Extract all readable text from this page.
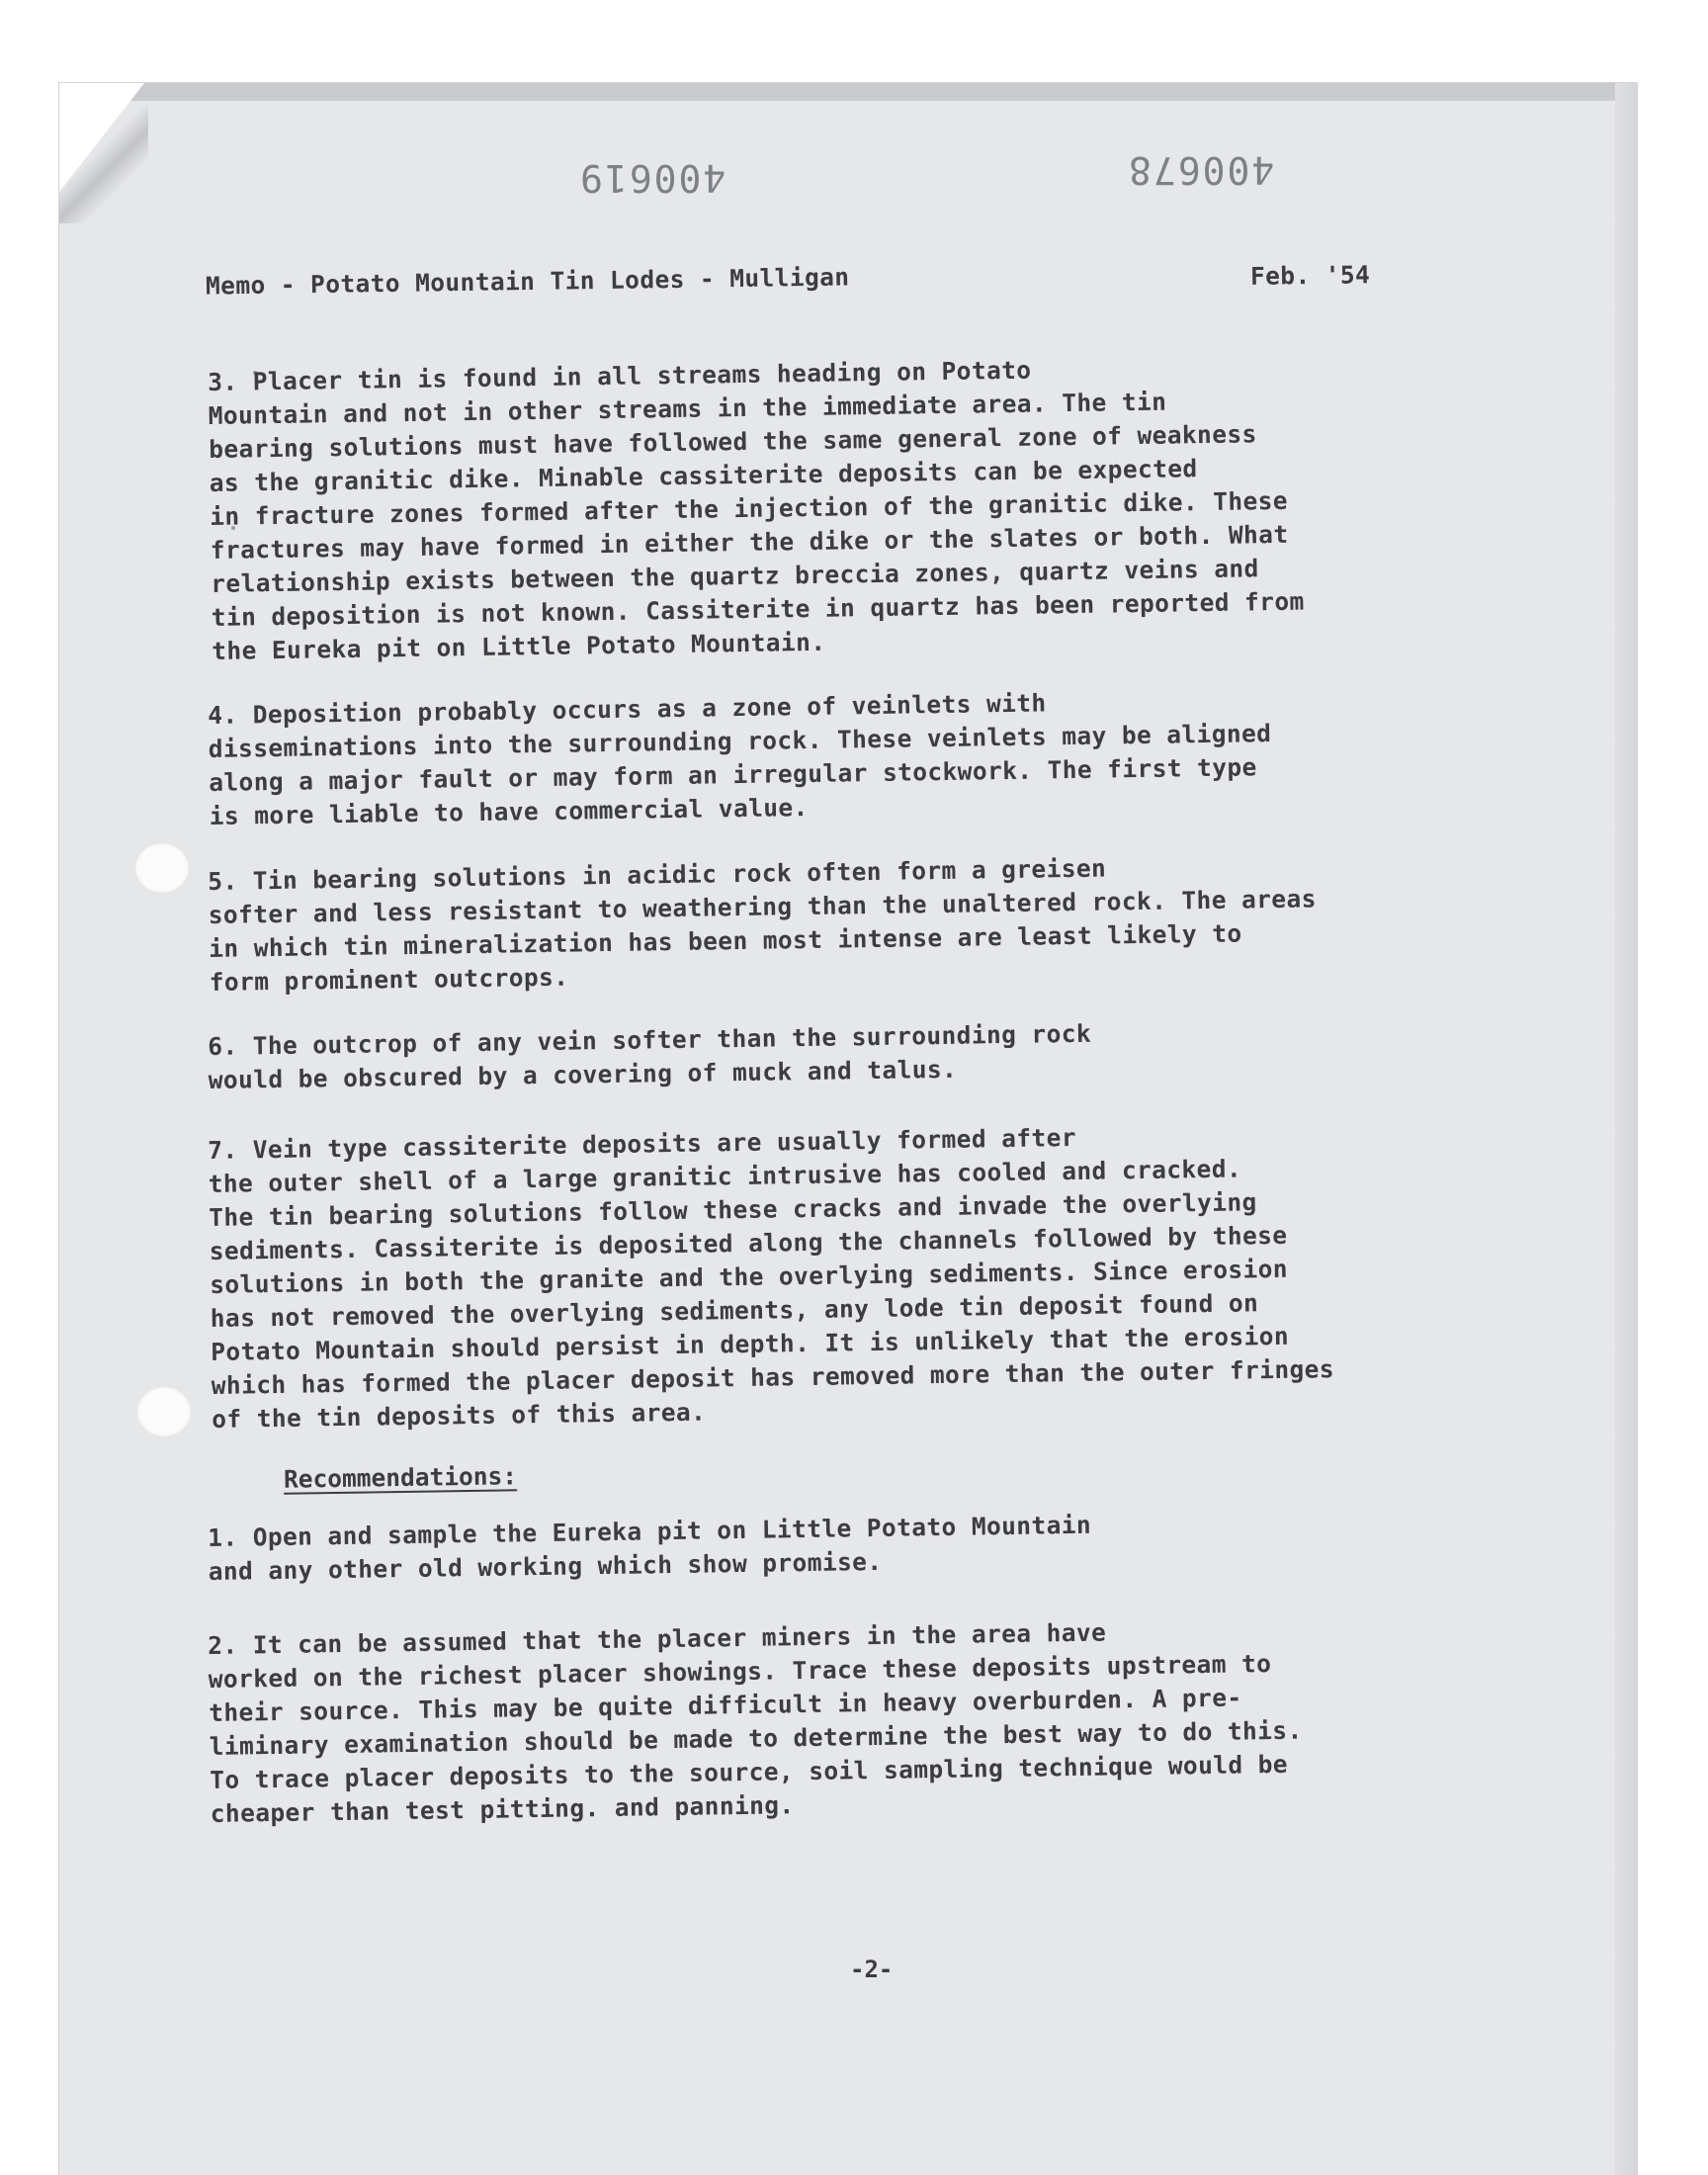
400619	400678
Memo - Potato Mountain Tin Lodes - Mulligan	Feb. '54
3. Placer tin is found in all streams heading on Potato
Mountain and not in other streams in the immediate area. The tin
bearing solutions must have followed the same general zone of weakness
as the granitic dike. Minable cassiterite deposits can be expected
in fracture zones formed after the injection of the granitic dike. These
fractures may have formed in either the dike or the slates or both. What
relationship exists between the quartz breccia zones, quartz veins and
tin deposition is not known. Cassiterite in quartz has been reported from
the Eureka pit on Little Potato Mountain.
4. Deposition probably occurs as a zone of veinlets with
disseminations into the surrounding rock. These veinlets may be aligned
along a major fault or may form an irregular stockwork. The first type
is more liable to have commercial value.
5. Tin bearing solutions in acidic rock often form a greisen
softer and less resistant to weathering than the unaltered rock. The areas
in which tin mineralization has been most intense are least likely to
form prominent outcrops.
6. The outcrop of any vein softer than the surrounding rock
would be obscured by a covering of muck and talus.
7. Vein type cassiterite deposits are usually formed after
the outer shell of a large granitic intrusive has cooled and cracked.
The tin bearing solutions follow these cracks and invade the overlying
sediments. Cassiterite is deposited along the channels followed by these
solutions in both the granite and the overlying sediments. Since erosion
has not removed the overlying sediments, any lode tin deposit found on
Potato Mountain should persist in depth. It is unlikely that the erosion
which has formed the placer deposit has removed more than the outer fringes
of the tin deposits of this area.
Recommendations:
1. Open and sample the Eureka pit on Little Potato Mountain
and any other old working which show promise.
2. It can be assumed that the placer miners in the area have
worked on the richest placer showings. Trace these deposits upstream to
their source. This may be quite difficult in heavy overburden. A pre-
liminary examination should be made to determine the best way to do this.
To trace placer deposits to the source, soil sampling technique would be
cheaper than test pitting. and panning.
-2-
